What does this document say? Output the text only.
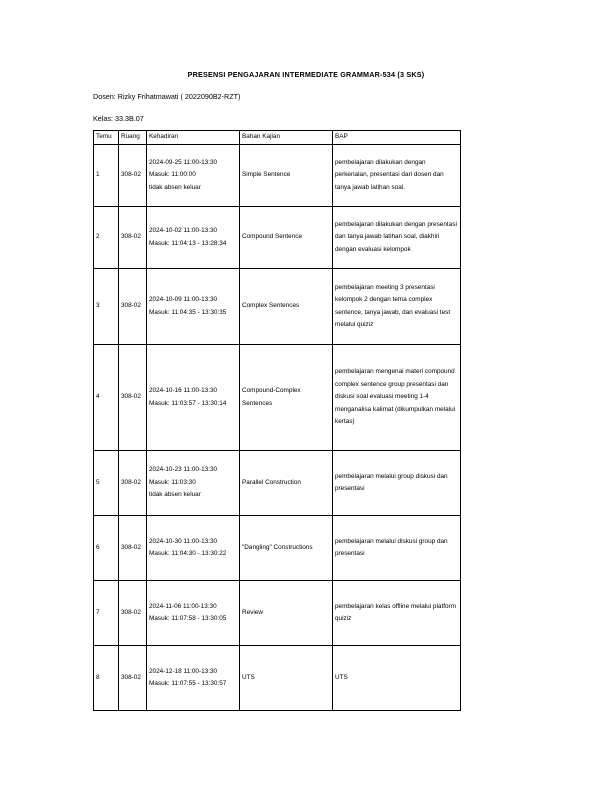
PRESENSI PENGAJARAN INTERMEDIATE GRAMMAR-534 (3 SKS)
Dosen: Rizky Frihatmawati ( 2022090B2-RZT)
Kelas: 33.3B.07
Temu	Ruang	Kehadiran	Bahan Kajian	BAP
1	308-02	2024-09-25 11:00-13:30
Masuk: 11:00:00
tidak absen keluar	Simple Sentence	pembelajaran dilakukan dengan perkenalan, presentasi dari dosen dan tanya jawab latihan soal.
2	308-02	2024-10-02 11:00-13:30
Masuk: 11:04:13 - 13:28:34	Compound Sentence	pembelajaran dilakukan dengan presentasi dan tanya jawab latihan soal, diakhiri dengan evaluasi kelompok
3	308-02	2024-10-09 11:00-13:30
Masuk: 11:04:35 - 13:30:35	Complex Sentences	pembelajaran meeting 3 presentasi kelompok 2 dengan tema complex sentence, tanya jawab, dan evaluasi test melalui quiziz
4	308-02	2024-10-16 11:00-13:30
Masuk: 11:03:57 - 13:30:14	Compound-Complex Sentences	pembelajaran mengenai materi compound complex sentence group presentasi dan diskusi soal evaluasi meeting 1-4 menganalisa kalimat (dikumpulkan melalui kertas)
5	308-02	2024-10-23 11:00-13:30
Masuk: 11:03:30
tidak absen keluar	Parallel Construction	pembelajaran melalui group diskusi dan presentasi
6	308-02	2024-10-30 11:00-13:30
Masuk: 11:04:30 - 13:30:22	"Dangling" Constructions	pembelajaran melalui diskusi group dan presentasi
7	308-02	2024-11-06 11:00-13:30
Masuk: 11:07:58 - 13:30:05	Review	pembelajaran kelas offline melalui platform quiziz
8	308-02	2024-12-18 11:00-13:30
Masuk: 11:07:55 - 13:30:57	UTS	UTS
